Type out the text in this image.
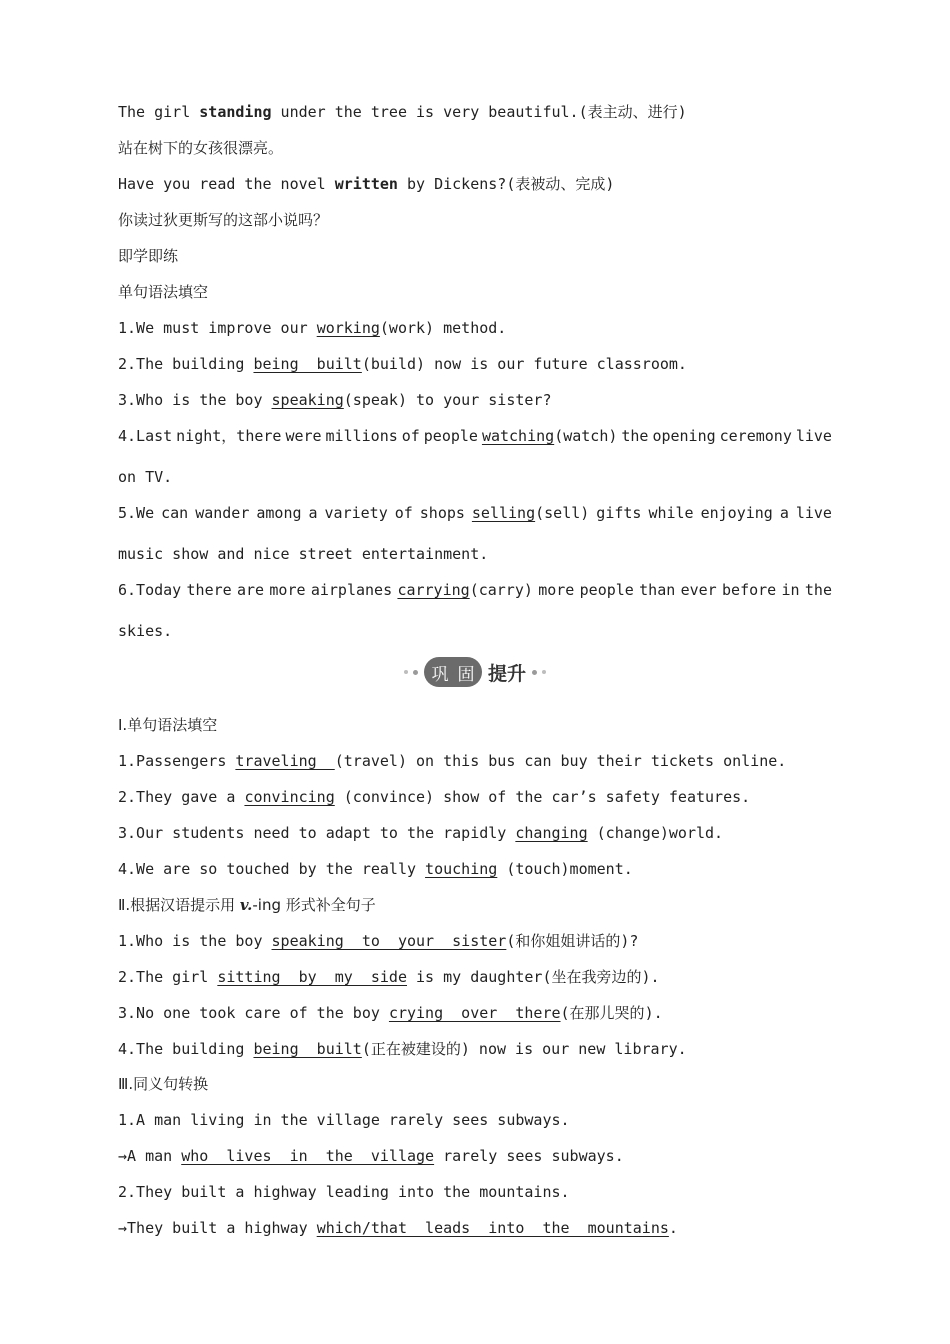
The girl standing under the tree is very beautiful.(表主动、进行)
站在树下的女孩很漂亮。
Have you read the novel written by Dickens?(表被动、完成)
你读过狄更斯写的这部小说吗？
即学即练
单句语法填空
1.We must improve our working(work) method.
2.The building being  built(build) now is our future classroom.
3.Who is the boy speaking(speak) to your sister?
4.Last night，there were millions of people watching(watch) the opening ceremony live
on TV.
5.We can wander among a variety of shops selling(sell) gifts while enjoying a live
music show and nice street entertainment.
6.Today there are more airplanes carrying(carry) more people than ever before in the
skies.
巩 固 提升
Ⅰ.单句语法填空
1.Passengers traveling  (travel) on this bus can buy their tickets online.
2.They gave a convincing (convince) show of the car’s safety features.
3.Our students need to adapt to the rapidly changing (change)world.
4.We are so touched by the really touching (touch)moment.
Ⅱ.根据汉语提示用 v.-ing 形式补全句子
1.Who is the boy speaking  to  your  sister(和你姐姐讲话的)?
2.The girl sitting  by  my  side is my daughter(坐在我旁边的).
3.No one took care of the boy crying  over  there(在那儿哭的).
4.The building being  built(正在被建设的) now is our new library.
Ⅲ.同义句转换
1.A man living in the village rarely sees subways.
→A man who  lives  in  the  village rarely sees subways.
2.They built a highway leading into the mountains.
→They built a highway which/that  leads  into  the  mountains.
